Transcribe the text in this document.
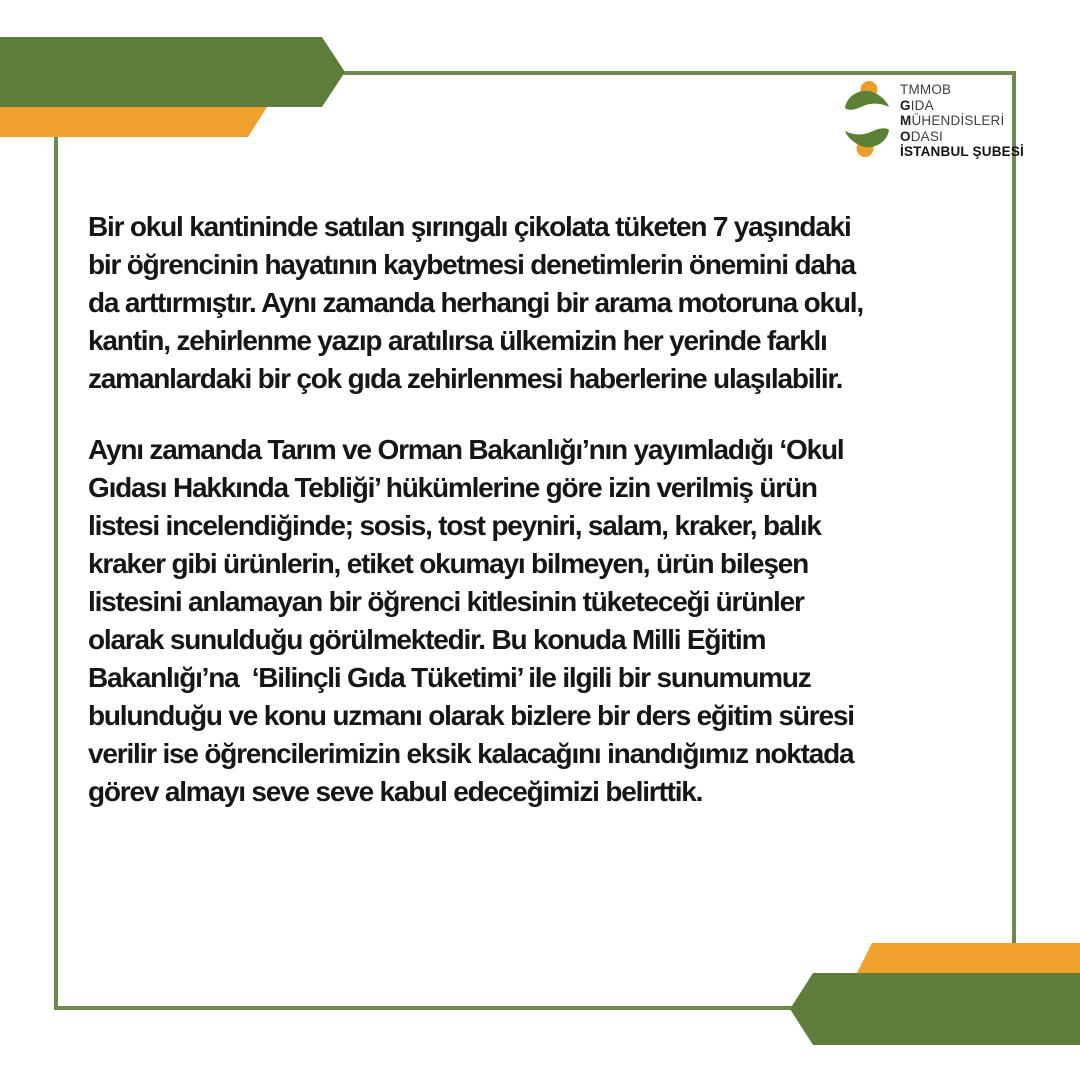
TMMOB
GIDA
MÜHENDİSLERİ
ODASI
İSTANBUL ŞUBESİ
Bir okul kantininde satılan şırıngalı çikolata tüketen 7 yaşındaki
bir öğrencinin hayatının kaybetmesi denetimlerin önemini daha
da arttırmıştır. Aynı zamanda herhangi bir arama motoruna okul,
kantin, zehirlenme yazıp aratılırsa ülkemizin her yerinde farklı
zamanlardaki bir çok gıda zehirlenmesi haberlerine ulaşılabilir.
Aynı zamanda Tarım ve Orman Bakanlığı’nın yayımladığı ‘Okul
Gıdası Hakkında Tebliği’ hükümlerine göre izin verilmiş ürün
listesi incelendiğinde; sosis, tost peyniri, salam, kraker, balık
kraker gibi ürünlerin, etiket okumayı bilmeyen, ürün bileşen
listesini anlamayan bir öğrenci kitlesinin tüketeceği ürünler
olarak sunulduğu görülmektedir. Bu konuda Milli Eğitim
Bakanlığı’na  ‘Bilinçli Gıda Tüketimi’ ile ilgili bir sunumumuz
bulunduğu ve konu uzmanı olarak bizlere bir ders eğitim süresi
verilir ise öğrencilerimizin eksik kalacağını inandığımız noktada
görev almayı seve seve kabul edeceğimizi belirttik.
